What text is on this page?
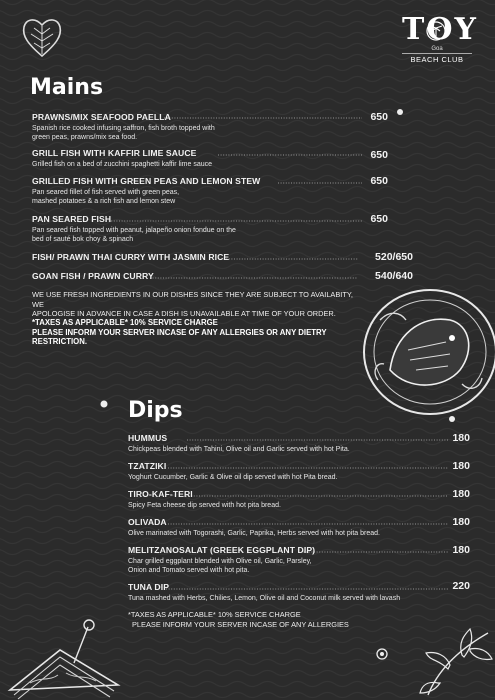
TOY
Goa
BEACH CLUB
Mains
PRAWNS/MIX SEAFOOD PAELLA
Spanish rice cooked infusing saffron, fish broth topped with
green peas, prawns/mix sea food.
650
GRILL FISH WITH KAFFIR LIME SAUCE
Grilled fish on a bed of zucchini spaghetti kaffir lime sauce
650
GRILLED FISH WITH GREEN PEAS AND LEMON STEW
Pan seared fillet of fish served with green peas,
mashed potatoes & a rich fish and lemon stew
650
PAN SEARED FISH
Pan seared fish topped with peanut, jalapeño onion fondue on the
bed of sauté bok choy & spinach
650
FISH/ PRAWN THAI CURRY WITH JASMIN RICE	520/650
GOAN FISH / PRAWN CURRY	540/640
WE USE FRESH INGREDIENTS IN OUR DISHES SINCE THEY ARE SUBJECT TO AVAILABITY, WE
APOLOGISE IN ADVANCE IN CASE A DISH IS UNAVAILABLE AT TIME OF YOUR ORDER.
*TAXES AS APPLICABLE* 10% SERVICE CHARGE
PLEASE INFORM YOUR SERVER INCASE OF ANY ALLERGIES OR ANY DIETRY
RESTRICTION.
Dips
HUMMUS
Chickpeas blended with Tahini, Olive oil and Garlic served with hot Pita.
180
TZATZIKI
Yoghurt Cucumber, Garlic & Olive oil dip served with hot Pita bread.
180
TIRO-KAF-TERI
Spicy Feta cheese dip served with hot pita bread.
180
OLIVADA
Olive marinated with Togorashi, Garlic, Paprika, Herbs served with hot pita bread.
180
MELITZANOSALAT (GREEK EGGPLANT DIP)
Char grilled eggplant blended with Olive oil, Garlic, Parsley,
Onion and Tomato served with hot pita.
180
TUNA DIP
Tuna mashed with Herbs, Chilies, Lemon, Olive oil and Coconut milk served with lavash
220
*TAXES AS APPLICABLE* 10% SERVICE CHARGE
PLEASE INFORM YOUR SERVER INCASE OF ANY ALLERGIES
